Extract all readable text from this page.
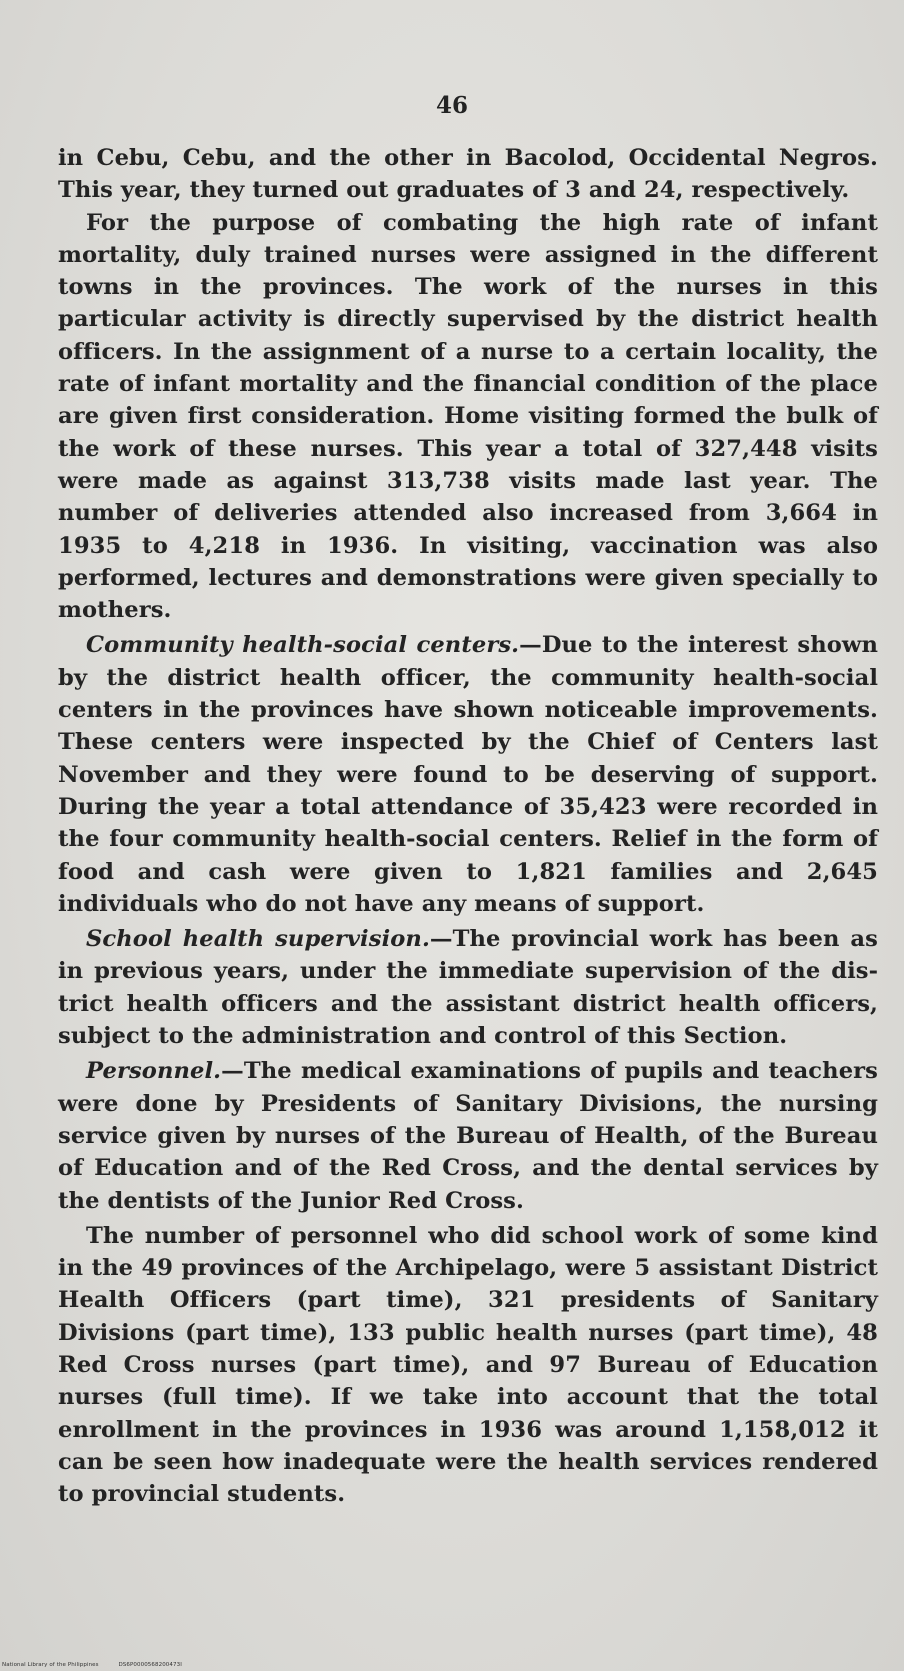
46

in Cebu, Cebu, and the other in Bacolod, Occidental Negros. This year, they turned out graduates of 3 and 24, respectively.

For the purpose of combating the high rate of infant mortality, duly trained nurses were assigned in the different towns in the provinces. The work of the nurses in this particular activity is directly supervised by the district health officers. In the assignment of a nurse to a certain locality, the rate of infant mortality and the financial condition of the place are given first consideration. Home visiting formed the bulk of the work of these nurses. This year a total of 327,448 visits were made as against 313,738 visits made last year. The number of deliveries attended also increased from 3,664 in 1935 to 4,218 in 1936. In visiting, vaccination was also performed, lectures and demonstrations were given specially to mothers.

Community health-social centers.—Due to the interest shown by the district health officer, the community health-social centers in the provinces have shown noticeable improvements. These centers were inspected by the Chief of Centers last November and they were found to be deserving of support. During the year a total attendance of 35,423 were recorded in the four community health-social centers. Relief in the form of food and cash were given to 1,821 families and 2,645 individuals who do not have any means of support.

School health supervision.—The provincial work has been as in previous years, under the immediate supervision of the district health officers and the assistant district health officers, subject to the administration and control of this Section.

Personnel.—The medical examinations of pupils and teachers were done by Presidents of Sanitary Divisions, the nursing service given by nurses of the Bureau of Health, of the Bureau of Education and of the Red Cross, and the dental services by the dentists of the Junior Red Cross.

The number of personnel who did school work of some kind in the 49 provinces of the Archipelago, were 5 assistant District Health Officers (part time), 321 presidents of Sanitary Divisions (part time), 133 public health nurses (part time), 48 Red Cross nurses (part time), and 97 Bureau of Education nurses (full time). If we take into account that the total enrollment in the provinces in 1936 was around 1,158,012 it can be seen how inadequate were the health services rendered to provincial students.

National Library of the Philippines	DS6P0000568200473I
